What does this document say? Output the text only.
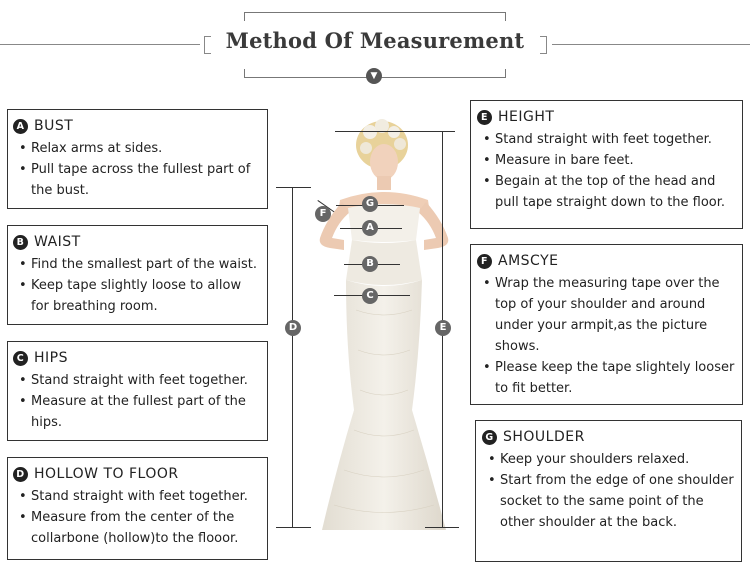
Method Of Measurement
▼
A BUST
• Relax arms at sides.
• Pull tape across the fullest part of the bust.
B WAIST
• Find the smallest part of the waist.
• Keep tape slightly loose to allow for breathing room.
C HIPS
• Stand straight with feet together.
• Measure at the fullest part of the hips.
D HOLLOW TO FLOOR
• Stand straight with feet together.
• Measure from the center of the collarbone (hollow)to the flooor.
E HEIGHT
• Stand straight with feet together.
• Measure in bare feet.
• Begain at the top of the head and pull tape straight down to the floor.
F AMSCYE
• Wrap the measuring tape over the top of your shoulder and around under your armpit,as the picture shows.
• Please keep the tape slightely looser to fit better.
G SHOULDER
• Keep your shoulders relaxed.
• Start from the edge of one shoulder socket to the same point of the other shoulder at the back.
G
F
A
B
C
D	E
